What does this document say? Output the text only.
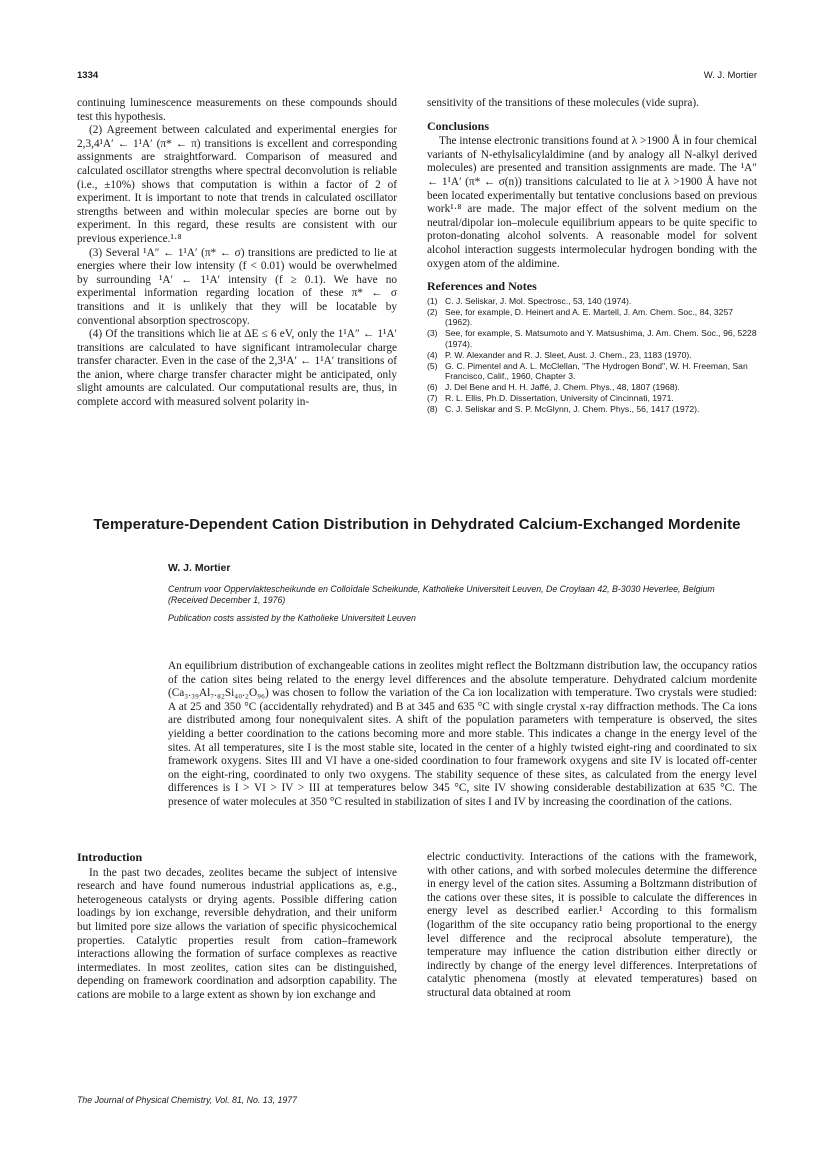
1334	W. J. Mortier

continuing luminescence measurements on these compounds should test this hypothesis.

(2) Agreement between calculated and experimental energies for 2,3,4¹A′ ← 1¹A′ (π* ← π) transitions is excellent and corresponding assignments are straightforward. Comparison of measured and calculated oscillator strengths where spectral deconvolution is reliable (i.e., ±10%) shows that computation is within a factor of 2 of experiment. It is important to note that trends in calculated oscillator strengths between and within molecular species are borne out by experiment. In this regard, these results are consistent with our previous experience.¹·⁸

(3) Several ¹A″ ← 1¹A′ (π* ← σ) transitions are predicted to lie at energies where their low intensity (f < 0.01) would be overwhelmed by surrounding ¹A′ ← 1¹A′ intensity (f ≥ 0.1). We have no experimental information regarding location of these π* ← σ transitions and it is unlikely that they will be locatable by conventional absorption spectroscopy.

(4) Of the transitions which lie at ΔE ≤ 6 eV, only the 1¹A″ ← 1¹A′ transitions are calculated to have significant intramolecular charge transfer character. Even in the case of the 2,3¹A′ ← 1¹A′ transitions of the anion, where charge transfer character might be anticipated, only slight amounts are calculated. Our computational results are, thus, in complete accord with measured solvent polarity in-

sensitivity of the transitions of these molecules (vide supra).

Conclusions

The intense electronic transitions found at λ >1900 Å in four chemical variants of N-ethylsalicylaldimine (and by analogy all N-alkyl derived molecules) are presented and transition assignments are made. The ¹A″ ← 1¹A′ (π* ← σ(n)) transitions calculated to lie at λ >1900 Å have not been located experimentally but tentative conclusions based on previous work¹·⁸ are made. The major effect of the solvent medium on the neutral/dipolar ion–molecule equilibrium appears to be quite specific to proton-donating alcohol solvents. A reasonable model for solvent alcohol interaction suggests intermolecular hydrogen bonding with the oxygen atom of the aldimine.

References and Notes
(1) C. J. Seliskar, J. Mol. Spectrosc., 53, 140 (1974).
(2) See, for example, D. Heinert and A. E. Martell, J. Am. Chem. Soc., 84, 3257 (1962).
(3) See, for example, S. Matsumoto and Y. Matsushima, J. Am. Chem. Soc., 96, 5228 (1974).
(4) P. W. Alexander and R. J. Sleet, Aust. J. Chem., 23, 1183 (1970).
(5) G. C. Pimentel and A. L. McClellan, "The Hydrogen Bond", W. H. Freeman, San Francisco, Calif., 1960, Chapter 3.
(6) J. Del Bene and H. H. Jaffé, J. Chem. Phys., 48, 1807 (1968).
(7) R. L. Ellis, Ph.D. Dissertation, University of Cincinnati, 1971.
(8) C. J. Seliskar and S. P. McGlynn, J. Chem. Phys., 56, 1417 (1972).
Temperature-Dependent Cation Distribution in Dehydrated Calcium-Exchanged Mordenite
W. J. Mortier
Centrum voor Oppervlaktescheikunde en Colloïdale Scheikunde, Katholieke Universiteit Leuven, De Croylaan 42, B-3030 Heverlee, Belgium (Received December 1, 1976)
Publication costs assisted by the Katholieke Universiteit Leuven

An equilibrium distribution of exchangeable cations in zeolites might reflect the Boltzmann distribution law, the occupancy ratios of the cation sites being related to the energy level differences and the absolute temperature. Dehydrated calcium mordenite (Ca₃.₃₉Al₇.₈₂Si₄₀.₂O₉₆) was chosen to follow the variation of the Ca ion localization with temperature. Two crystals were studied: A at 25 and 350 °C (accidentally rehydrated) and B at 345 and 635 °C with single crystal x-ray diffraction methods. The Ca ions are distributed among four nonequivalent sites. A shift of the population parameters with temperature is observed, the sites yielding a better coordination to the cations becoming more and more stable. This indicates a change in the energy level of the sites. At all temperatures, site I is the most stable site, located in the center of a highly twisted eight-ring and coordinated to six framework oxygens. Sites III and VI have a one-sided coordination to four framework oxygens and site IV is located off-center on the eight-ring, coordinated to only two oxygens. The stability sequence of these sites, as calculated from the energy level differences is I > VI > IV > III at temperatures below 345 °C, site IV showing considerable destabilization at 635 °C. The presence of water molecules at 350 °C resulted in stabilization of sites I and IV by increasing the coordination of the cations.

Introduction

In the past two decades, zeolites became the subject of intensive research and have found numerous industrial applications as, e.g., heterogeneous catalysts or drying agents. Possible differing cation loadings by ion exchange, reversible dehydration, and their uniform but limited pore size allows the variation of specific physicochemical properties. Catalytic properties result from cation–framework interactions allowing the formation of surface complexes as reactive intermediates. In most zeolites, cation sites can be distinguished, depending on framework coordination and adsorption capability. The cations are mobile to a large extent as shown by ion exchange and

electric conductivity. Interactions of the cations with the framework, with other cations, and with sorbed molecules determine the difference in energy level of the cation sites. Assuming a Boltzmann distribution of the cations over these sites, it is possible to calculate the differences in energy level as described earlier.¹ According to this formalism (logarithm of the site occupancy ratio being proportional to the energy level difference and the reciprocal absolute temperature), the temperature may influence the cation distribution either directly or indirectly by change of the energy level differences. Interpretations of catalytic phenomena (mostly at elevated temperatures) based on structural data obtained at room

The Journal of Physical Chemistry, Vol. 81, No. 13, 1977
